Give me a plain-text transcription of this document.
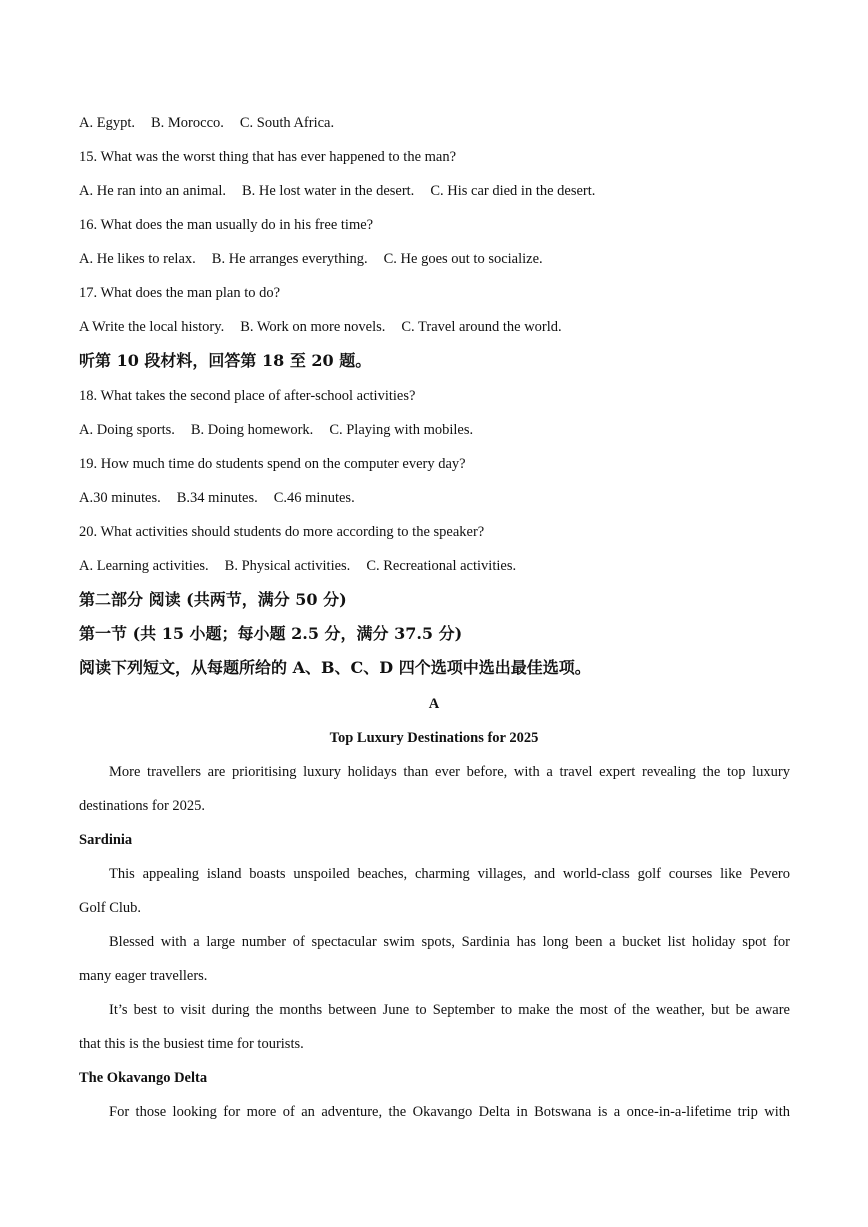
A. Egypt. B. Morocco. C. South Africa.
15. What was the worst thing that has ever happened to the man?
A. He ran into an animal. B. He lost water in the desert. C. His car died in the desert.
16. What does the man usually do in his free time?
A. He likes to relax. B. He arranges everything. C. He goes out to socialize.
17. What does the man plan to do?
A Write the local history. B. Work on more novels. C. Travel around the world.
听第 10 段材料，回答第 18 至 20 题。
18. What takes the second place of after-school activities?
A. Doing sports. B. Doing homework. C. Playing with mobiles.
19. How much time do students spend on the computer every day?
A.30 minutes. B.34 minutes. C.46 minutes.
20. What activities should students do more according to the speaker?
A. Learning activities. B. Physical activities. C. Recreational activities.
第二部分 阅读 (共两节，满分 50 分)
第一节 (共 15 小题；每小题 2.5 分，满分 37.5 分)
阅读下列短文，从每题所给的 A、B、C、D 四个选项中选出最佳选项。
A
Top Luxury Destinations for 2025
More travellers are prioritising luxury holidays than ever before, with a travel expert revealing the top luxury
destinations for 2025.
Sardinia
This appealing island boasts unspoiled beaches, charming villages, and world-class golf courses like Pevero
Golf Club.
Blessed with a large number of spectacular swim spots, Sardinia has long been a bucket list holiday spot for
many eager travellers.
It’s best to visit during the months between June to September to make the most of the weather, but be aware
that this is the busiest time for tourists.
The Okavango Delta
For those looking for more of an adventure, the Okavango Delta in Botswana is a once-in-a-lifetime trip with
